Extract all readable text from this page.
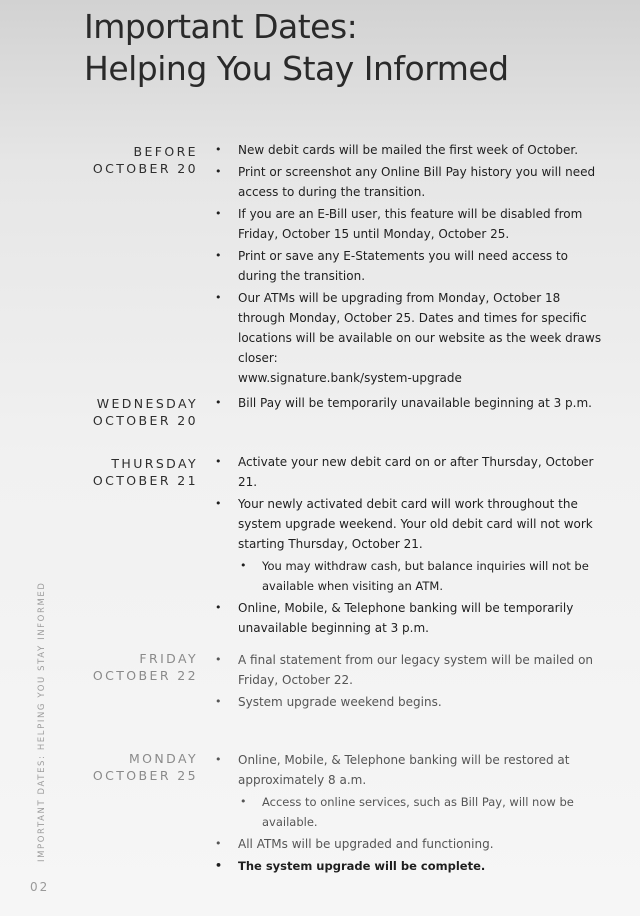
Important Dates:
Helping You Stay Informed
BEFORE
OCTOBER 20
• New debit cards will be mailed the first week of October.
• Print or screenshot any Online Bill Pay history you will need access to during the transition.
• If you are an E-Bill user, this feature will be disabled from Friday, October 15 until Monday, October 25.
• Print or save any E-Statements you will need access to during the transition.
• Our ATMs will be upgrading from Monday, October 18 through Monday, October 25. Dates and times for specific locations will be available on our website as the week draws closer:
www.signature.bank/system-upgrade
WEDNESDAY
OCTOBER 20
• Bill Pay will be temporarily unavailable beginning at 3 p.m.
THURSDAY
OCTOBER 21
• Activate your new debit card on or after Thursday, October 21.
• Your newly activated debit card will work throughout the system upgrade weekend. Your old debit card will not work starting Thursday, October 21.
• You may withdraw cash, but balance inquiries will not be available when visiting an ATM.
• Online, Mobile, & Telephone banking will be temporarily unavailable beginning at 3 p.m.
FRIDAY
OCTOBER 22
• A final statement from our legacy system will be mailed on Friday, October 22.
• System upgrade weekend begins.
MONDAY
OCTOBER 25
• Online, Mobile, & Telephone banking will be restored at approximately 8 a.m.
• Access to online services, such as Bill Pay, will now be available.
• All ATMs will be upgraded and functioning.
• The system upgrade will be complete.
IMPORTANT DATES: HELPING YOU STAY INFORMED
02
